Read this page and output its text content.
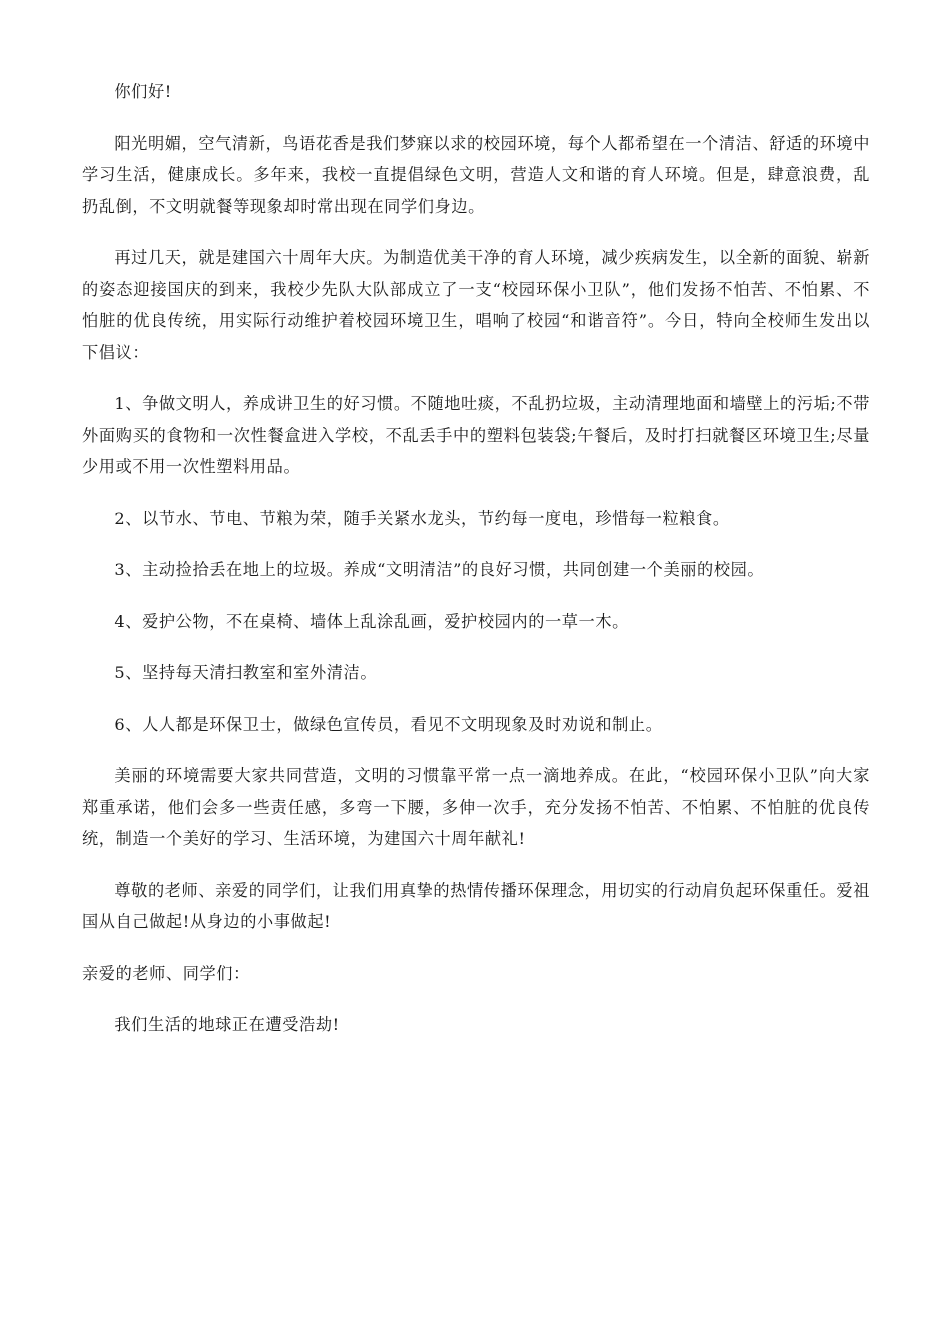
你们好!

阳光明媚，空气清新，鸟语花香是我们梦寐以求的校园环境，每个人都希望在一个清洁、舒适的环境中学习生活，健康成长。多年来，我校一直提倡绿色文明，营造人文和谐的育人环境。但是，肆意浪费，乱扔乱倒，不文明就餐等现象却时常出现在同学们身边。

再过几天，就是建国六十周年大庆。为制造优美干净的育人环境，减少疾病发生，以全新的面貌、崭新的姿态迎接国庆的到来，我校少先队大队部成立了一支“校园环保小卫队”，他们发扬不怕苦、不怕累、不怕脏的优良传统，用实际行动维护着校园环境卫生，唱响了校园“和谐音符”。今日，特向全校师生发出以下倡议：

1、争做文明人，养成讲卫生的好习惯。不随地吐痰，不乱扔垃圾，主动清理地面和墙壁上的污垢;不带外面购买的食物和一次性餐盒进入学校，不乱丢手中的塑料包装袋;午餐后，及时打扫就餐区环境卫生;尽量少用或不用一次性塑料用品。

2、以节水、节电、节粮为荣，随手关紧水龙头，节约每一度电，珍惜每一粒粮食。

3、主动捡拾丢在地上的垃圾。养成“文明清洁”的良好习惯，共同创建一个美丽的校园。

4、爱护公物，不在桌椅、墙体上乱涂乱画，爱护校园内的一草一木。

5、坚持每天清扫教室和室外清洁。

6、人人都是环保卫士，做绿色宣传员，看见不文明现象及时劝说和制止。

美丽的环境需要大家共同营造，文明的习惯靠平常一点一滴地养成。在此，“校园环保小卫队”向大家郑重承诺，他们会多一些责任感，多弯一下腰，多伸一次手，充分发扬不怕苦、不怕累、不怕脏的优良传统，制造一个美好的学习、生活环境，为建国六十周年献礼!

尊敬的老师、亲爱的同学们，让我们用真挚的热情传播环保理念，用切实的行动肩负起环保重任。爱祖国从自己做起!从身边的小事做起!

亲爱的老师、同学们：

我们生活的地球正在遭受浩劫!
